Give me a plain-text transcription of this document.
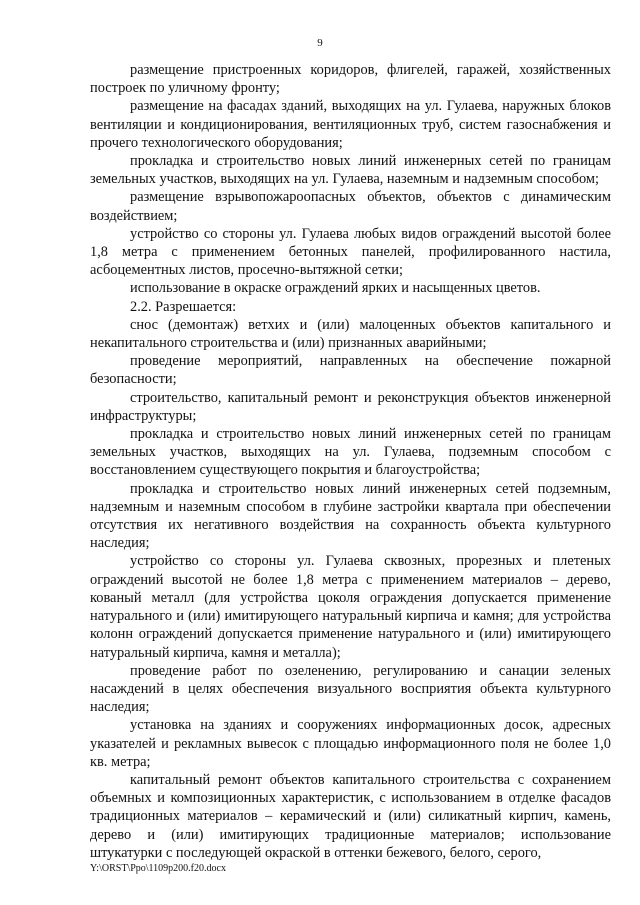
9

размещение пристроенных коридоров, флигелей, гаражей, хозяйственных построек по уличному фронту;

размещение на фасадах зданий, выходящих на ул. Гулаева, наружных блоков вентиляции и кондиционирования, вентиляционных труб, систем газоснабжения и прочего технологического оборудования;

прокладка и строительство новых линий инженерных сетей по границам земельных участков, выходящих на ул. Гулаева, наземным и надземным способом;

размещение взрывопожароопасных объектов, объектов с динамическим воздействием;

устройство со стороны ул. Гулаева любых видов ограждений высотой более 1,8 метра с применением бетонных панелей, профилированного настила, асбоцементных листов, просечно-вытяжной сетки;

использование в окраске ограждений ярких и насыщенных цветов.

2.2. Разрешается:

снос (демонтаж) ветхих и (или) малоценных объектов капитального и некапитального строительства и (или) признанных аварийными;

проведение мероприятий, направленных на обеспечение пожарной безопасности;

строительство, капитальный ремонт и реконструкция объектов инженерной инфраструктуры;

прокладка и строительство новых линий инженерных сетей по границам земельных участков, выходящих на ул. Гулаева, подземным способом с восстановлением существующего покрытия и благоустройства;

прокладка и строительство новых линий инженерных сетей подземным, надземным и наземным способом в глубине застройки квартала при обеспечении отсутствия их негативного воздействия на сохранность объекта культурного наследия;

устройство со стороны ул. Гулаева сквозных, прорезных и плетеных ограждений высотой не более 1,8 метра с применением материалов – дерево, кованый металл (для устройства цоколя ограждения допускается применение натурального и (или) имитирующего натуральный кирпича и камня; для устройства колонн ограждений допускается применение натурального и (или) имитирующего натуральный кирпича, камня и металла);

проведение работ по озеленению, регулированию и санации зеленых насаждений в целях обеспечения визуального восприятия объекта культурного наследия;

установка на зданиях и сооружениях информационных досок, адресных указателей и рекламных вывесок с площадью информационного поля не более 1,0 кв. метра;

капитальный ремонт объектов капитального строительства с сохранением объемных и композиционных характеристик, с использованием в отделке фасадов традиционных материалов – керамический и (или) силикатный кирпич, камень, дерево и (или) имитирующих традиционные материалов; использование штукатурки с последующей окраской в оттенки бежевого, белого, серого,

Y:\ORST\Ppo\1109p200.f20.docx
